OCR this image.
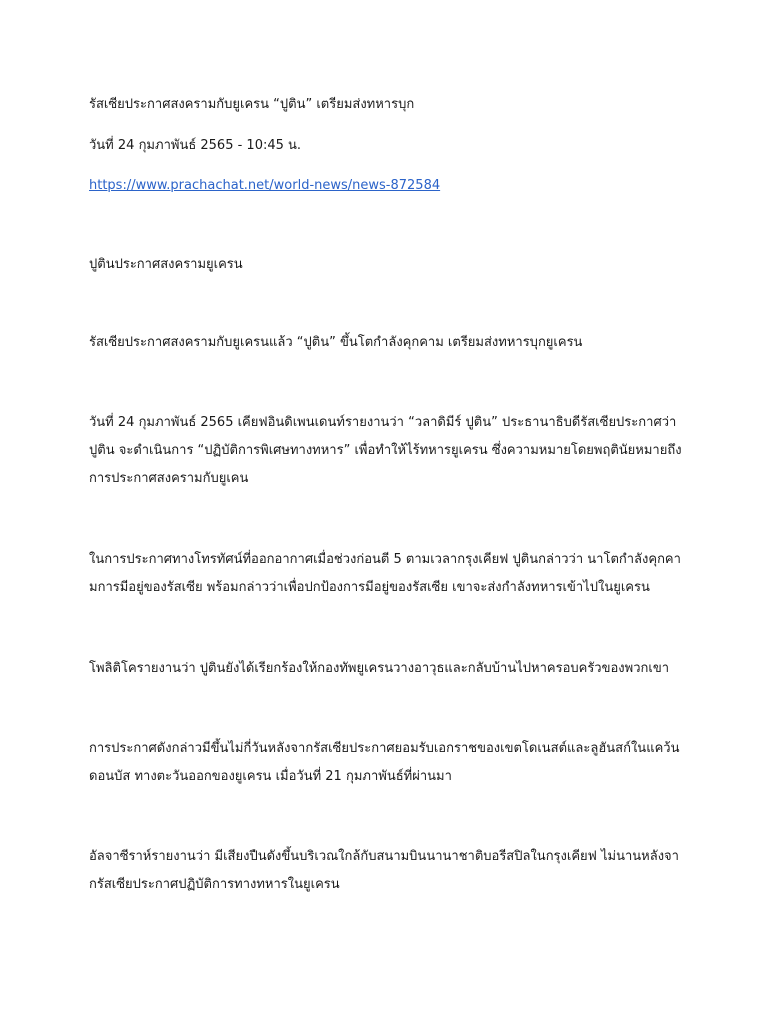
รัสเซียประกาศสงครามกับยูเครน “ปูติน” เตรียมส่งทหารบุก

วันที่ 24 กุมภาพันธ์ 2565 - 10:45 น.

https://www.prachachat.net/world-news/news-872584

ปูตินประกาศสงครามยูเครน

รัสเซียประกาศสงครามกับยูเครนแล้ว “ปูติน” ขึ้นโตกำลังคุกคาม เตรียมส่งทหารบุกยูเครน

วันที่ 24 กุมภาพันธ์ 2565 เคียฟอินดิเพนเดนท์รายงานว่า “วลาดิมีร์ ปูติน” ประธานาธิบดีรัสเซียประกาศว่า ปูติน จะดำเนินการ “ปฏิบัติการพิเศษทางทหาร” เพื่อทำให้ไร้ทหารยูเครน ซึ่งความหมายโดยพฤตินัยหมายถึงการประกาศสงครามกับยูเคน

ในการประกาศทางโทรทัศน์ที่ออกอากาศเมื่อช่วงก่อนตี 5 ตามเวลากรุงเคียฟ ปูตินกล่าวว่า นาโตกำลังคุกคามการมีอยู่ของรัสเซีย พร้อมกล่าวว่าเพื่อปกป้องการมีอยู่ของรัสเซีย เขาจะส่งกำลังทหารเข้าไปในยูเครน

โพลิติโครายงานว่า ปูตินยังได้เรียกร้องให้กองทัพยูเครนวางอาวุธและกลับบ้านไปหาครอบครัวของพวกเขา

การประกาศดังกล่าวมีขึ้นไม่กี่วันหลังจากรัสเซียประกาศยอมรับเอกราชของเขตโดเนสต์และลูฮันสก์ในแคว้นดอนบัส ทางตะวันออกของยูเครน เมื่อวันที่ 21 กุมภาพันธ์ที่ผ่านมา

อัลจาซีราห์รายงานว่า มีเสียงปืนดังขึ้นบริเวณใกล้กับสนามบินนานาชาติบอรีสปิลในกรุงเคียฟ ไม่นานหลังจากรัสเซียประกาศปฏิบัติการทางทหารในยูเครน
